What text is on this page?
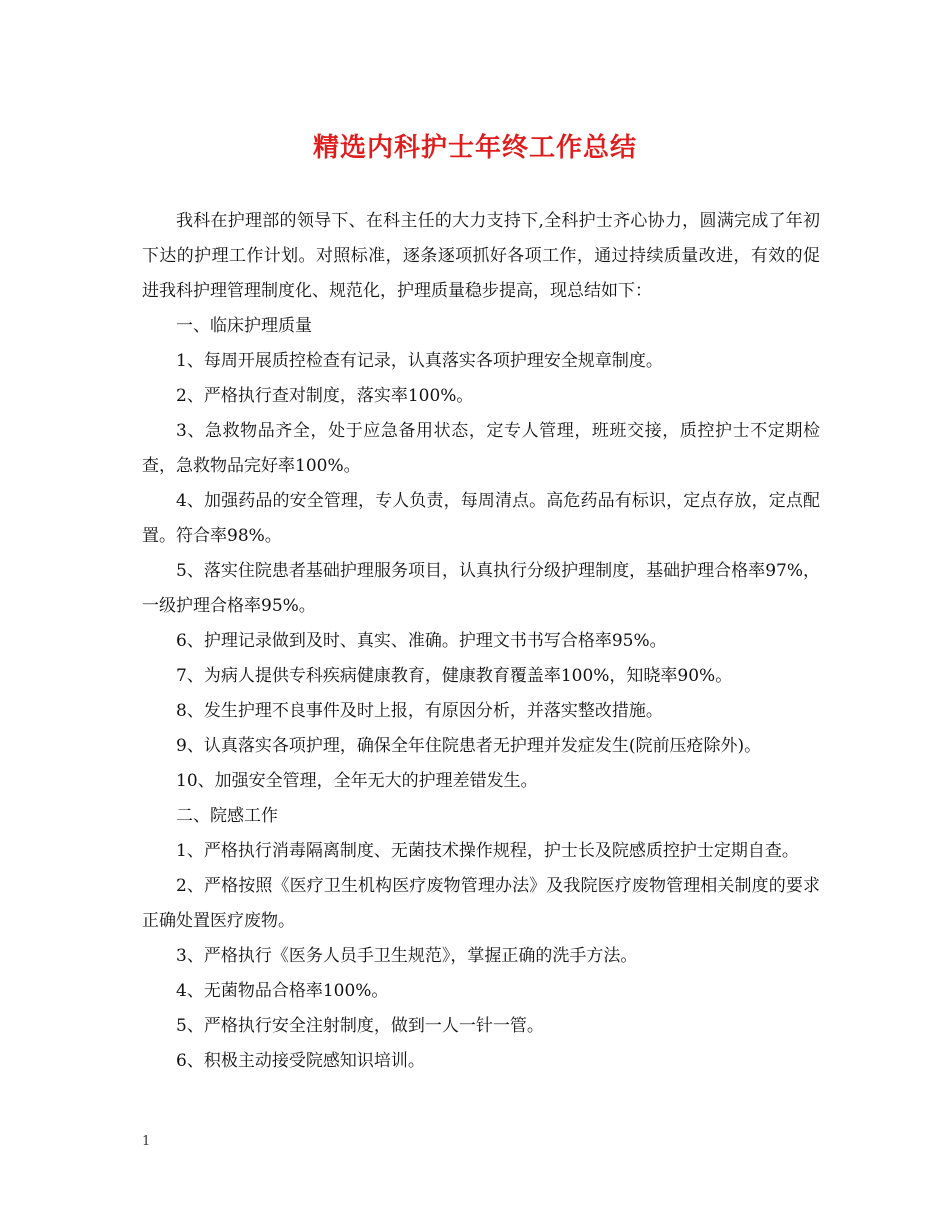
精选内科护士年终工作总结

我科在护理部的领导下、在科主任的大力支持下,全科护士齐心协力，圆满完成了年初下达的护理工作计划。对照标准，逐条逐项抓好各项工作，通过持续质量改进，有效的促进我科护理管理制度化、规范化，护理质量稳步提高，现总结如下：

一、临床护理质量

1、每周开展质控检查有记录，认真落实各项护理安全规章制度。

2、严格执行查对制度，落实率100%。

3、急救物品齐全，处于应急备用状态，定专人管理，班班交接，质控护士不定期检查，急救物品完好率100%。

4、加强药品的安全管理，专人负责，每周清点。高危药品有标识，定点存放，定点配置。符合率98%。

5、落实住院患者基础护理服务项目，认真执行分级护理制度，基础护理合格率97%，一级护理合格率95%。

6、护理记录做到及时、真实、准确。护理文书书写合格率95%。

7、为病人提供专科疾病健康教育，健康教育覆盖率100%，知晓率90%。

8、发生护理不良事件及时上报，有原因分析，并落实整改措施。

9、认真落实各项护理，确保全年住院患者无护理并发症发生(院前压疮除外)。

10、加强安全管理，全年无大的护理差错发生。

二、院感工作

1、严格执行消毒隔离制度、无菌技术操作规程，护士长及院感质控护士定期自查。

2、严格按照《医疗卫生机构医疗废物管理办法》及我院医疗废物管理相关制度的要求正确处置医疗废物。

3、严格执行《医务人员手卫生规范》，掌握正确的洗手方法。

4、无菌物品合格率100%。

5、严格执行安全注射制度，做到一人一针一管。

6、积极主动接受院感知识培训。

1
